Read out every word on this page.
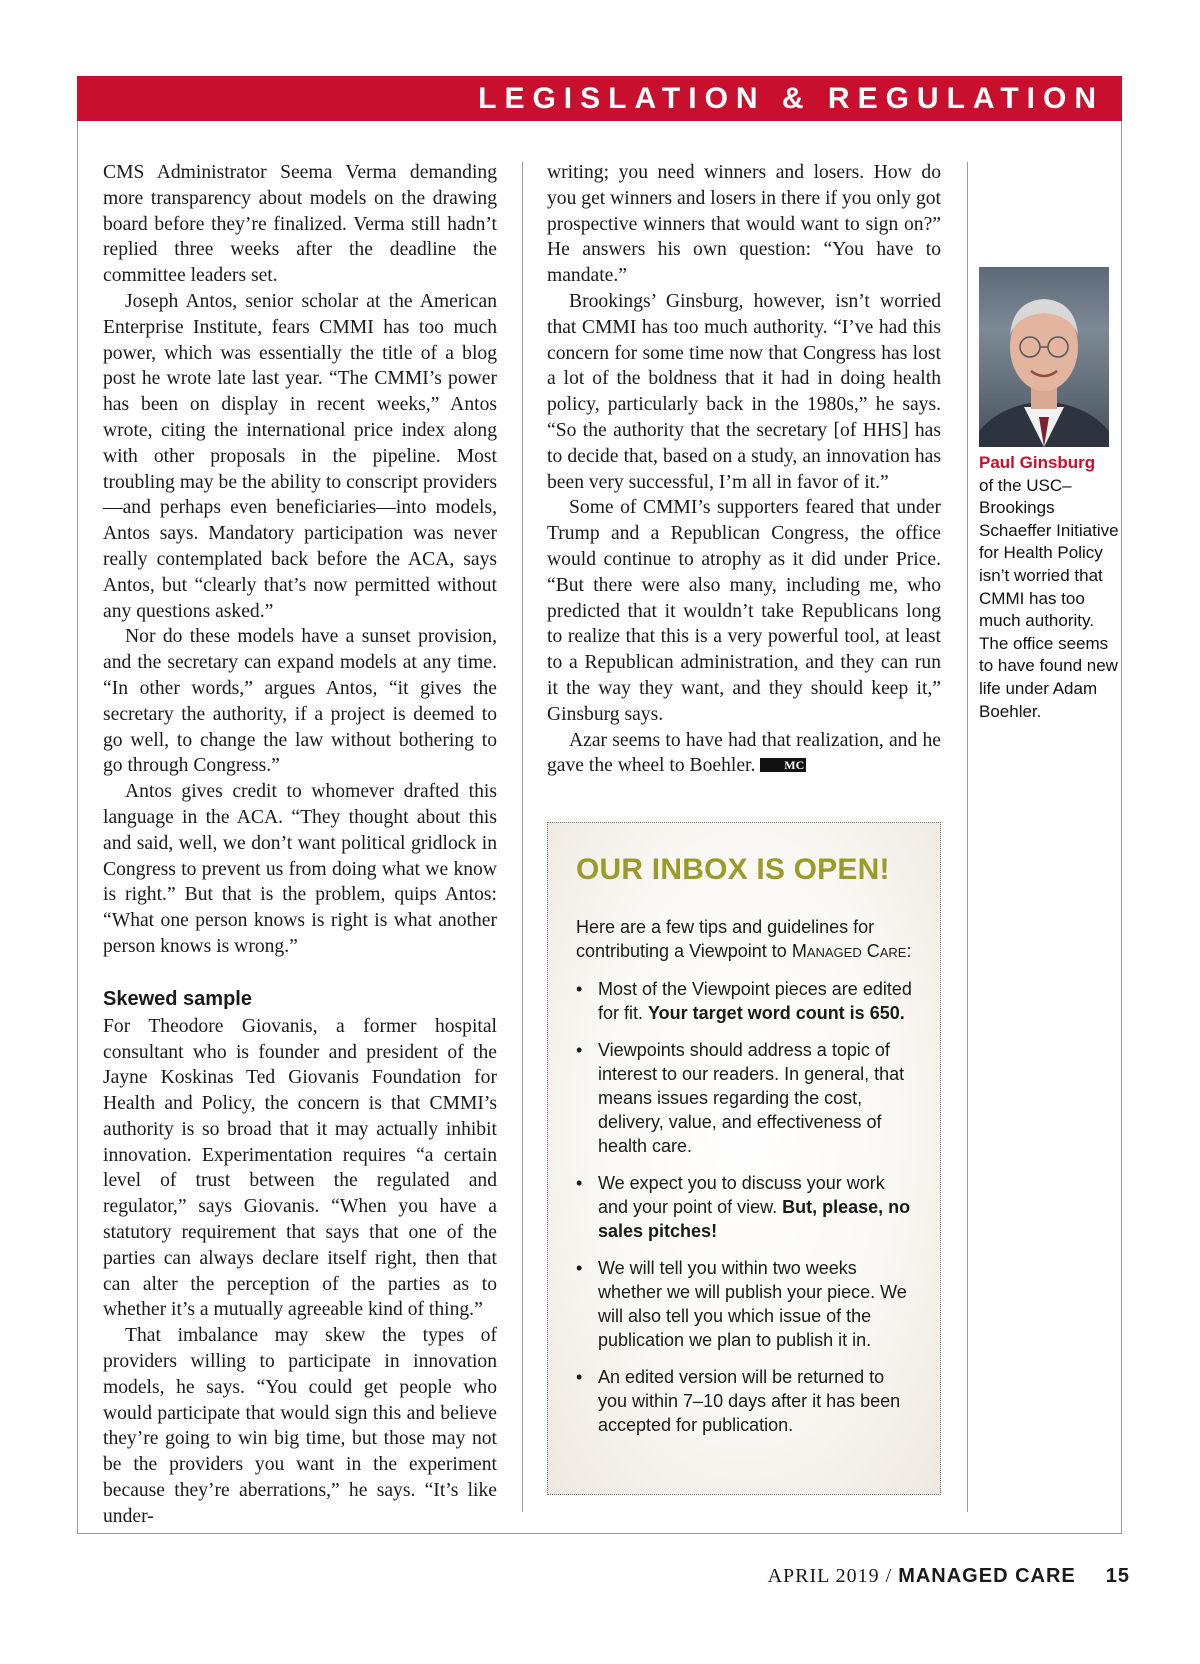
LEGISLATION & REGULATION

CMS Administrator Seema Verma demanding more transparency about models on the drawing board before they’re finalized. Verma still hadn’t replied three weeks after the deadline the committee leaders set.

Joseph Antos, senior scholar at the American Enterprise Institute, fears CMMI has too much power, which was essentially the title of a blog post he wrote late last year. “The CMMI’s power has been on display in recent weeks,” Antos wrote, citing the international price index along with other proposals in the pipeline. Most troubling may be the ability to conscript providers—and perhaps even beneficiaries—into models, Antos says. Mandatory participation was never really contemplated back before the ACA, says Antos, but “clearly that’s now permitted without any questions asked.”

Nor do these models have a sunset provision, and the secretary can expand models at any time. “In other words,” argues Antos, “it gives the secretary the authority, if a project is deemed to go well, to change the law without bothering to go through Congress.”

Antos gives credit to whomever drafted this language in the ACA. “They thought about this and said, well, we don’t want political gridlock in Congress to prevent us from doing what we know is right.” But that is the problem, quips Antos: “What one person knows is right is what another person knows is wrong.”

Skewed sample

For Theodore Giovanis, a former hospital consultant who is founder and president of the Jayne Koskinas Ted Giovanis Foundation for Health and Policy, the concern is that CMMI’s authority is so broad that it may actually inhibit innovation. Experimentation requires “a certain level of trust between the regulated and regulator,” says Giovanis. “When you have a statutory requirement that says that one of the parties can always declare itself right, then that can alter the perception of the parties as to whether it’s a mutually agreeable kind of thing.”

That imbalance may skew the types of providers willing to participate in innovation models, he says. “You could get people who would participate that would sign this and believe they’re going to win big time, but those may not be the providers you want in the experiment because they’re aberrations,” he says. “It’s like under-

writing; you need winners and losers. How do you get winners and losers in there if you only got prospective winners that would want to sign on?” He answers his own question: “You have to mandate.”

Brookings’ Ginsburg, however, isn’t worried that CMMI has too much authority. “I’ve had this concern for some time now that Congress has lost a lot of the boldness that it had in doing health policy, particularly back in the 1980s,” he says. “So the authority that the secretary [of HHS] has to decide that, based on a study, an innovation has been very successful, I’m all in favor of it.”

Some of CMMI’s supporters feared that under Trump and a Republican Congress, the office would continue to atrophy as it did under Price. “But there were also many, including me, who predicted that it wouldn’t take Republicans long to realize that this is a very powerful tool, at least to a Republican administration, and they can run it the way they want, and they should keep it,” Ginsburg says.

Azar seems to have had that realization, and he gave the wheel to Boehler. MC

Paul Ginsburg
of the USC–Brookings Schaeffer Initiative for Health Policy isn’t worried that CMMI has too much authority. The office seems to have found new life under Adam Boehler.
OUR INBOX IS OPEN!

Here are a few tips and guidelines for contributing a Viewpoint to Managed Care:

• Most of the Viewpoint pieces are edited for fit. Your target word count is 650.
• Viewpoints should address a topic of interest to our readers. In general, that means issues regarding the cost, delivery, value, and effectiveness of health care.
• We expect you to discuss your work and your point of view. But, please, no sales pitches!
• We will tell you within two weeks whether we will publish your piece. We will also tell you which issue of the publication we plan to publish it in.
• An edited version will be returned to you within 7–10 days after it has been accepted for publication.
APRIL 2019 / MANAGED CARE 15
